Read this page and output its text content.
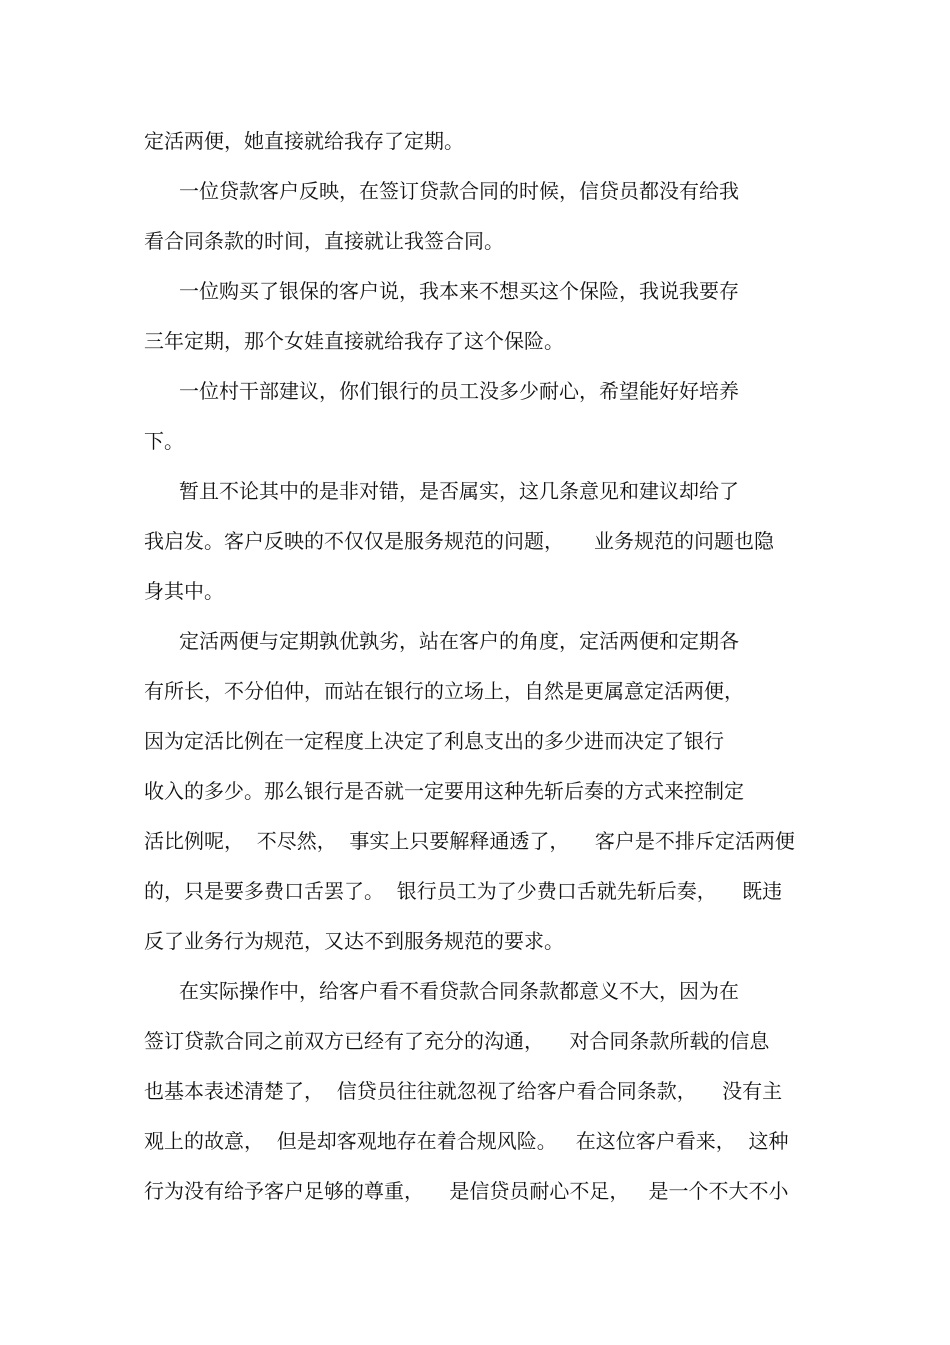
定活两便，她直接就给我存了定期。
一位贷款客户反映，在签订贷款合同的时候，信贷员都没有给我
看合同条款的时间，直接就让我签合同。
一位购买了银保的客户说，我本来不想买这个保险，我说我要存
三年定期，那个女娃直接就给我存了这个保险。
一位村干部建议，你们银行的员工没多少耐心，希望能好好培养
下。
暂且不论其中的是非对错，是否属实，这几条意见和建议却给了
我启发。客户反映的不仅仅是服务规范的问题，　　业务规范的问题也隐
身其中。
定活两便与定期孰优孰劣，站在客户的角度，定活两便和定期各
有所长，不分伯仲，而站在银行的立场上，自然是更属意定活两便，
因为定活比例在一定程度上决定了利息支出的多少进而决定了银行
收入的多少。那么银行是否就一定要用这种先斩后奏的方式来控制定
活比例呢，  不尽然，  事实上只要解释通透了，    客户是不排斥定活两便
的，只是要多费口舌罢了。  银行员工为了少费口舌就先斩后奏，    既违
反了业务行为规范，又达不到服务规范的要求。
在实际操作中，给客户看不看贷款合同条款都意义不大，因为在
签订贷款合同之前双方已经有了充分的沟通，    对合同条款所载的信息
也基本表述清楚了，  信贷员往往就忽视了给客户看合同条款，    没有主
观上的故意，  但是却客观地存在着合规风险。   在这位客户看来，  这种
行为没有给予客户足够的尊重，    是信贷员耐心不足，   是一个不大不小
